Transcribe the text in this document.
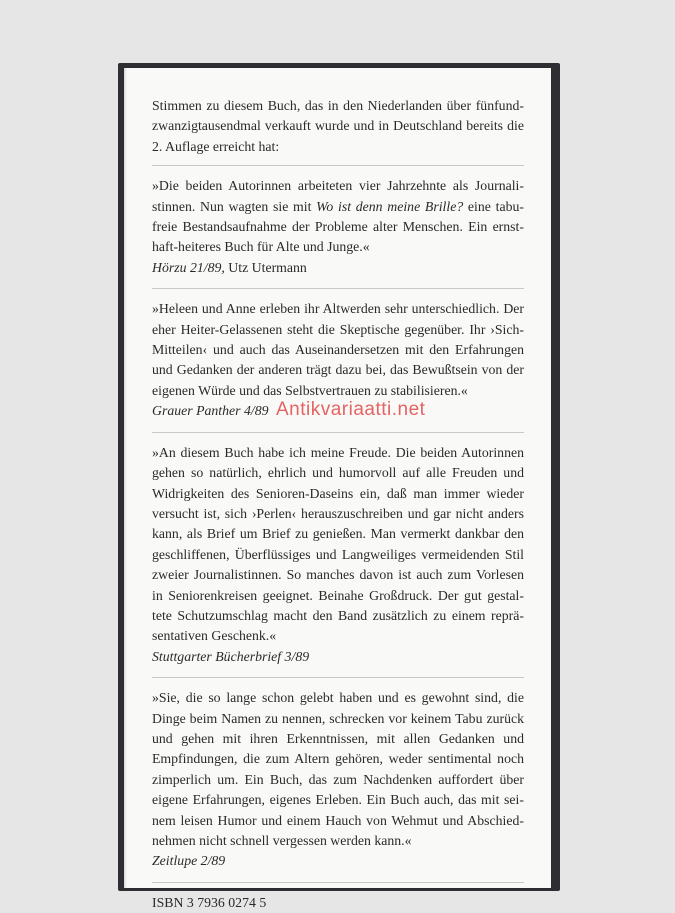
Stimmen zu diesem Buch, das in den Niederlanden über fünfundzwanzigtausendmal verkauft wurde und in Deutschland bereits die 2. Auflage erreicht hat:

»Die beiden Autorinnen arbeiteten vier Jahrzehnte als Journalistinnen. Nun wagten sie mit Wo ist denn meine Brille? eine tabufreie Bestandsaufnahme der Probleme alter Menschen. Ein ernsthaft-heiteres Buch für Alte und Junge.«

Hörzu 21/89, Utz Utermann

»Heleen und Anne erleben ihr Altwerden sehr unterschiedlich. Der eher Heiter-Gelassenen steht die Skeptische gegenüber. Ihr ›Sich-Mitteilen‹ und auch das Auseinandersetzen mit den Erfahrungen und Gedanken der anderen trägt dazu bei, das Bewußtsein von der eigenen Würde und das Selbstvertrauen zu stabilisieren.«

Grauer Panther 4/89

»An diesem Buch habe ich meine Freude. Die beiden Autorinnen gehen so natürlich, ehrlich und humorvoll auf alle Freuden und Widrigkeiten des Senioren-Daseins ein, daß man immer wieder versucht ist, sich ›Perlen‹ herauszuschreiben und gar nicht anders kann, als Brief um Brief zu genießen. Man vermerkt dankbar den geschliffenen, Überflüssiges und Langweiliges vermeidenden Stil zweier Journalistinnen. So manches davon ist auch zum Vorlesen in Seniorenkreisen geeignet. Beinahe Großdruck. Der gut gestaltete Schutzumschlag macht den Band zusätzlich zu einem repräsentativen Geschenk.«

Stuttgarter Bücherbrief 3/89

»Sie, die so lange schon gelebt haben und es gewohnt sind, die Dinge beim Namen zu nennen, schrecken vor keinem Tabu zurück und gehen mit ihren Erkenntnissen, mit allen Gedanken und Empfindungen, die zum Altern gehören, weder sentimental noch zimperlich um. Ein Buch, das zum Nachdenken auffordert über eigene Erfahrungen, eigenes Erleben. Ein Buch auch, das mit seinem leisen Humor und einem Hauch von Wehmut und Abschiednehmen nicht schnell vergessen werden kann.«

Zeitlupe 2/89

ISBN 3 7936 0274 5

Antikvariaatti.net
